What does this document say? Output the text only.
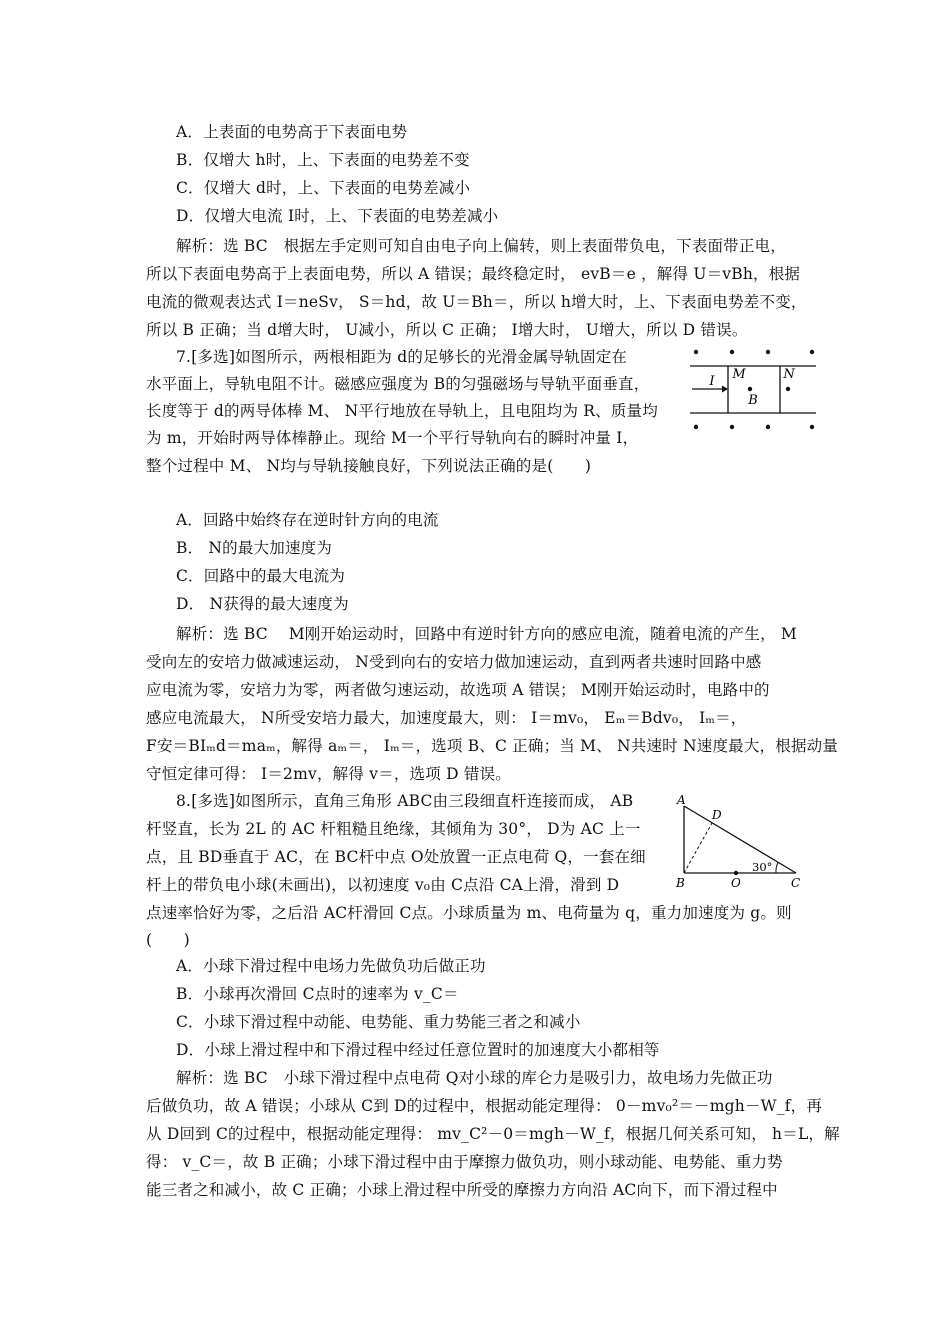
A．上表面的电势高于下表面电势
B．仅增大 h时，上、下表面的电势差不变
C．仅增大 d时，上、下表面的电势差减小
D．仅增大电流 I时，上、下表面的电势差减小
解析：选 BC　根据左手定则可知自由电子向上偏转，则上表面带负电，下表面带正电，
所以下表面电势高于上表面电势，所以 A 错误；最终稳定时， evB＝e ，解得 U＝vBh，根据
电流的微观表达式 I＝neSv， S＝hd，故 U＝Bh＝，所以 h增大时，上、下表面电势差不变，
所以 B 正确；当 d增大时， U减小，所以 C 正确； I增大时， U增大，所以 D 错误。
7.[多选]如图所示，两根相距为 d的足够长的光滑金属导轨固定在
水平面上，导轨电阻不计。磁感应强度为 B的匀强磁场与导轨平面垂直，
长度等于 d的两导体棒 M、 N平行地放在导轨上，且电阻均为 R、质量均
为 m，开始时两导体棒静止。现给 M一个平行导轨向右的瞬时冲量 I，
整个过程中 M、 N均与导轨接触良好，下列说法正确的是(　　)
I M	N
B
A．回路中始终存在逆时针方向的电流
B． N的最大加速度为
C．回路中的最大电流为
D． N获得的最大速度为
解析：选 BC　 M刚开始运动时，回路中有逆时针方向的感应电流，随着电流的产生， M
受向左的安培力做减速运动， N受到向右的安培力做加速运动，直到两者共速时回路中感
应电流为零，安培力为零，两者做匀速运动，故选项 A 错误； M刚开始运动时，电路中的
感应电流最大， N所受安培力最大，加速度最大，则： I＝mv₀， Eₘ＝Bdv₀， Iₘ＝，
F安＝BIₘd＝maₘ，解得 aₘ＝， Iₘ＝，选项 B、C 正确；当 M、 N共速时 N速度最大，根据动量
守恒定律可得： I＝2mv，解得 v＝，选项 D 错误。
8.[多选]如图所示，直角三角形 ABC由三段细直杆连接而成， AB
杆竖直，长为 2L 的 AC 杆粗糙且绝缘，其倾角为 30°， D为 AC 上一
点，且 BD垂直于 AC，在 BC杆中点 O处放置一正点电荷 Q，一套在细
杆上的带负电小球(未画出)，以初速度 v₀由 C点沿 CA上滑，滑到 D
点速率恰好为零，之后沿 AC杆滑回 C点。小球质量为 m、电荷量为 q，重力加速度为 g。则
(　　)
A
D
B	O	C
30°
A．小球下滑过程中电场力先做负功后做正功
B．小球再次滑回 C点时的速率为 v_C＝
C．小球下滑过程中动能、电势能、重力势能三者之和减小
D．小球上滑过程中和下滑过程中经过任意位置时的加速度大小都相等
解析：选 BC　小球下滑过程中点电荷 Q对小球的库仑力是吸引力，故电场力先做正功
后做负功，故 A 错误；小球从 C到 D的过程中，根据动能定理得： 0－mv₀²＝－mgh－W_f，再
从 D回到 C的过程中，根据动能定理得： mv_C²－0＝mgh－W_f，根据几何关系可知， h＝L，解
得： v_C＝，故 B 正确；小球下滑过程中由于摩擦力做负功，则小球动能、电势能、重力势
能三者之和减小，故 C 正确；小球上滑过程中所受的摩擦力方向沿 AC向下，而下滑过程中
